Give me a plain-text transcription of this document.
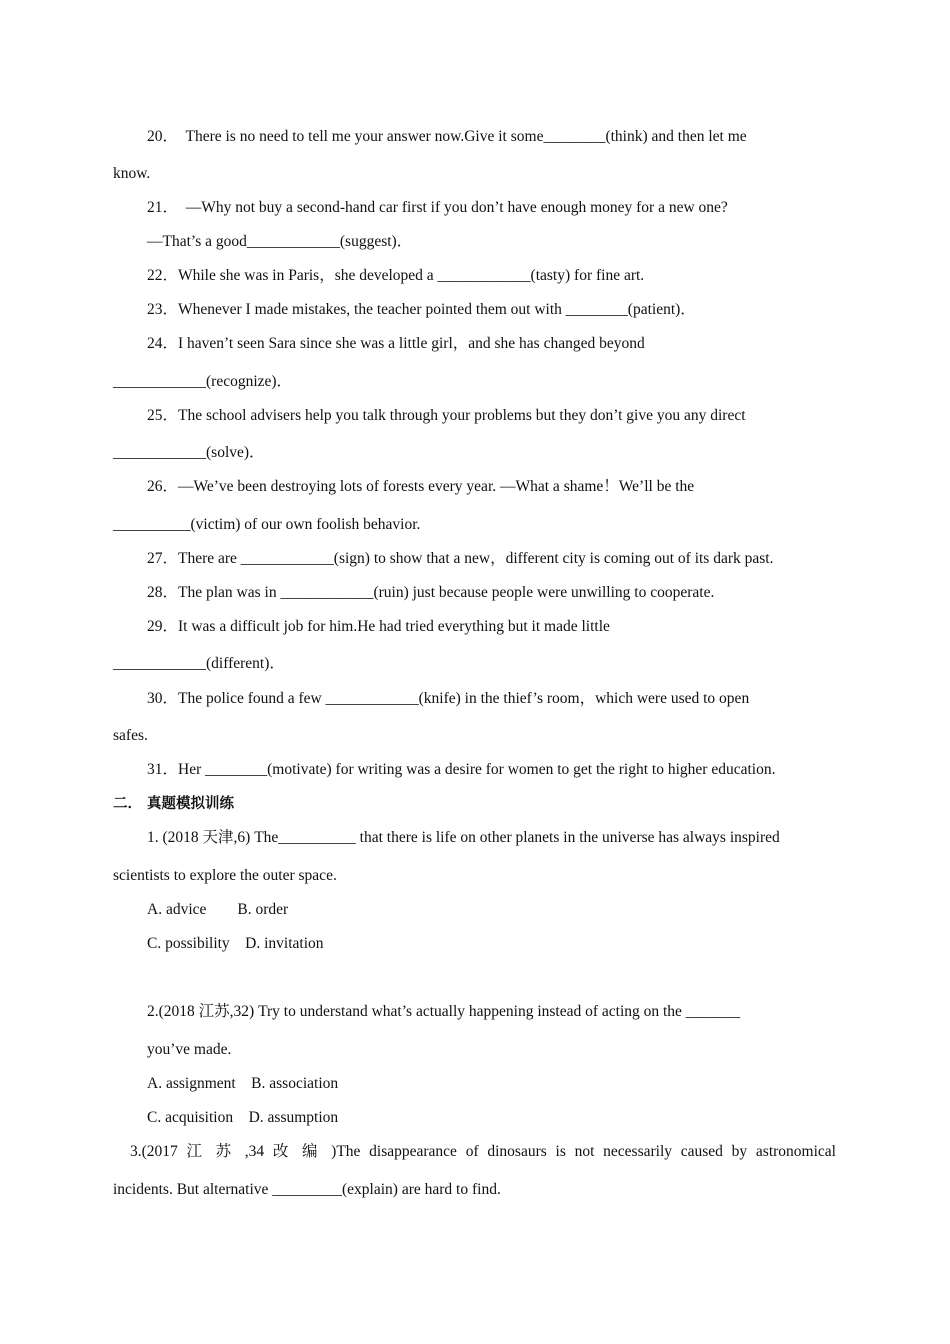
20．  There is no need to tell me your answer now.Give it some________(think) and then let me
know.
21．  —Why not buy a second-hand car first if you don’t have enough money for a new one?
—That’s a good____________(suggest)．
22．While she was in Paris，she developed a ____________(tasty) for fine art.
23．Whenever I made mistakes, the teacher pointed them out with ________(patient)．
24．I haven’t seen Sara since she was a little girl，and she has changed beyond
____________(recognize)．
25．The school advisers help you talk through your problems but they don’t give you any direct
____________(solve)．
26．—We’ve been destroying lots of forests every year. —What a shame！We’ll be the
__________(victim) of our own foolish behavior.
27．There are ____________(sign) to show that a new，different city is coming out of its dark past.
28．The plan was in ____________(ruin) just because people were unwilling to cooperate.
29．It was a difficult job for him.He had tried everything but it made little
____________(different)．
30．The police found a few ____________(knife) in the thief’s room，which were used to open
safes.
31．Her ________(motivate) for writing was a desire for women to get the right to higher education.
二． 真题模拟训练
1. (2018 天津,6) The__________ that there is life on other planets in the universe has always inspired
scientists to explore the outer space.
A. advice        B. order
C. possibility    D. invitation
2.(2018 江苏,32) Try to understand what’s actually happening instead of acting on the _______
you’ve made.
A. assignment    B. association
C. acquisition    D. assumption
3.(2017 江 苏 ,34 改 编 )The disappearance of dinosaurs is not necessarily caused by astronomical
incidents. But alternative _________(explain) are hard to find.
